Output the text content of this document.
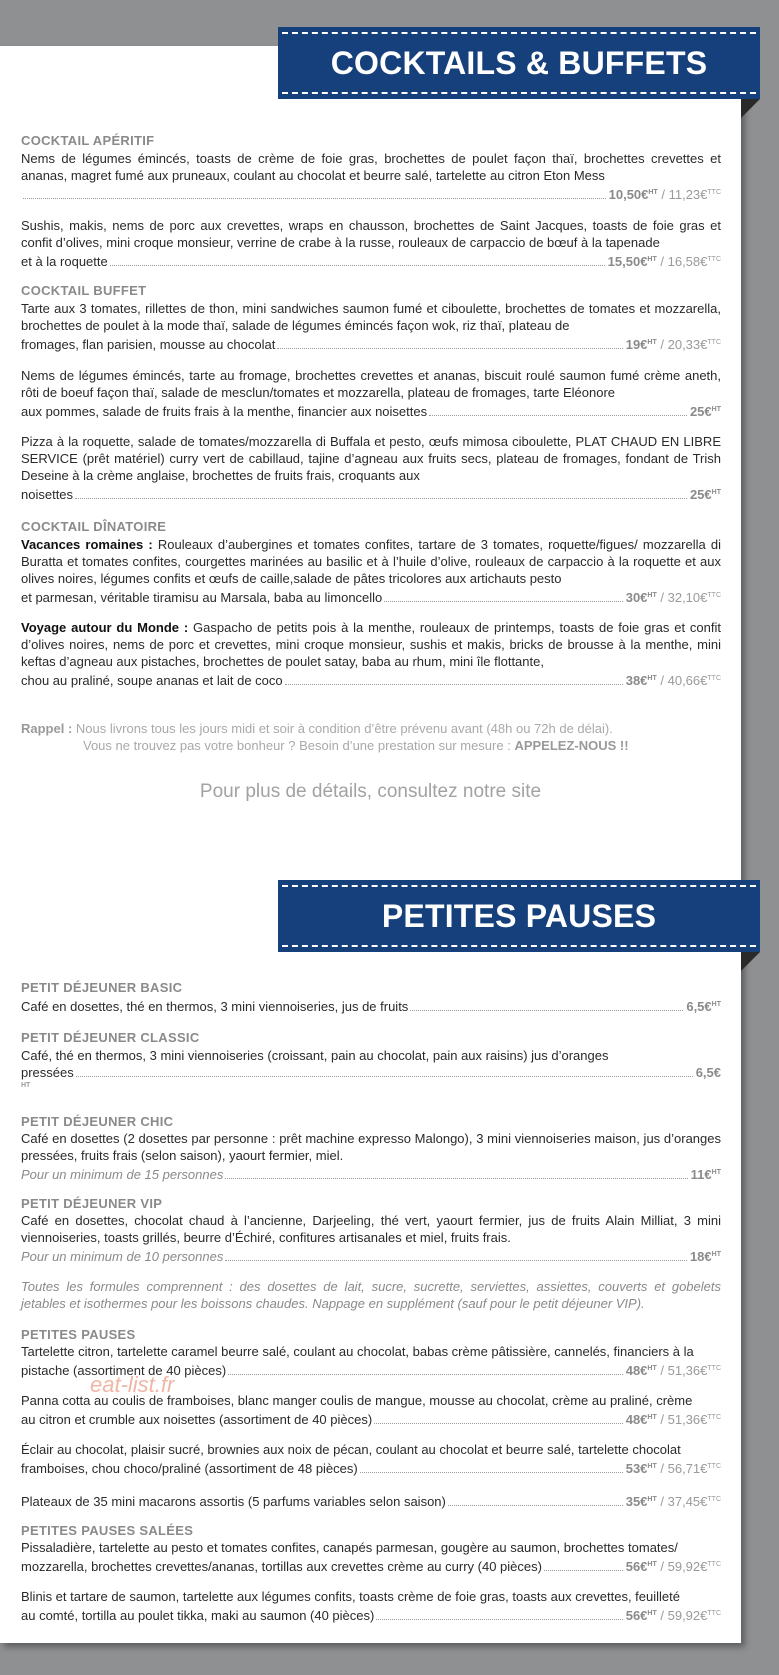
COCKTAILS & BUFFETS
COCKTAIL APÉRITIF
Nems de légumes émincés, toasts de crème de foie gras, brochettes de poulet façon thaï, brochettes crevettes et ananas, magret fumé aux pruneaux, coulant au chocolat et beurre salé, tartelette au citron Eton Mess
10,50€$^{HT}$ / 11,23€$^{TTC}$
Sushis, makis, nems de porc aux crevettes, wraps en chausson, brochettes de Saint Jacques, toasts de foie gras et confit d’olives, mini croque monsieur, verrine de crabe à la russe, rouleaux de carpaccio de bœuf à la tapenade
et à la roquette	15,50€$^{HT}$ / 16,58€$^{TTC}$
COCKTAIL BUFFET
Tarte aux 3 tomates, rillettes de thon, mini sandwiches saumon fumé et ciboulette, brochettes de tomates et mozzarella, brochettes de poulet à la mode thaï, salade de légumes émincés façon wok, riz thaï, plateau de
fromages, flan parisien, mousse au chocolat	19€$^{HT}$ / 20,33€$^{TTC}$
Nems de légumes émincés, tarte au fromage, brochettes crevettes et ananas, biscuit roulé saumon fumé crème aneth, rôti de boeuf façon thaï, salade de mesclun/tomates et mozzarella, plateau de fromages, tarte Eléonore
aux pommes, salade de fruits frais à la menthe, financier aux noisettes	25€$^{HT}$
Pizza à la roquette, salade de tomates/mozzarella di Buffala et pesto, œufs mimosa ciboulette, PLAT CHAUD EN LIBRE SERVICE (prêt matériel) curry vert de cabillaud, tajine d’agneau aux fruits secs, plateau de fromages, fondant de Trish Deseine à la crème anglaise, brochettes de fruits frais, croquants aux
noisettes	25€$^{HT}$
COCKTAIL DÎNATOIRE
Vacances romaines : Rouleaux d’aubergines et tomates confites, tartare de 3 tomates, roquette/figues/ mozzarella di Buratta et tomates confites, courgettes marinées au basilic et à l’huile d’olive, rouleaux de carpaccio à la roquette et aux olives noires, légumes confits et œufs de caille,salade de pâtes tricolores aux artichauts pesto
et parmesan, véritable tiramisu au Marsala, baba au limoncello	30€$^{HT}$ / 32,10€$^{TTC}$
Voyage autour du Monde : Gaspacho de petits pois à la menthe, rouleaux de printemps, toasts de foie gras et confit d’olives noires, nems de porc et crevettes, mini croque monsieur, sushis et makis, bricks de brousse à la menthe, mini keftas d’agneau aux pistaches, brochettes de poulet satay, baba au rhum, mini île flottante,
chou au praliné, soupe ananas et lait de coco	38€$^{HT}$ / 40,66€$^{TTC}$
Rappel : Nous livrons tous les jours midi et soir à condition d’être prévenu avant (48h ou 72h de délai).
Vous ne trouvez pas votre bonheur ? Besoin d’une prestation sur mesure : APPELEZ-NOUS !!
Pour plus de détails, consultez notre site
PETITES PAUSES
PETIT DÉJEUNER BASIC
Café en dosettes, thé en thermos, 3 mini viennoiseries, jus de fruits	6,5€$^{HT}$
PETIT DÉJEUNER CLASSIC
Café, thé en thermos, 3 mini viennoiseries (croissant, pain au chocolat, pain aux raisins) jus d’oranges
pressées	6,5€
HT
PETIT DÉJEUNER CHIC
Café en dosettes (2 dosettes par personne : prêt machine expresso Malongo), 3 mini viennoiseries maison, jus d’oranges pressées, fruits frais (selon saison), yaourt fermier, miel.
Pour un minimum de 15 personnes	11€$^{HT}$
PETIT DÉJEUNER VIP
Café en dosettes, chocolat chaud à l’ancienne, Darjeeling, thé vert, yaourt fermier, jus de fruits Alain Milliat, 3 mini viennoiseries, toasts grillés, beurre d’Échiré, confitures artisanales et miel, fruits frais.
Pour un minimum de 10 personnes	18€$^{HT}$
Toutes les formules comprennent : des dosettes de lait, sucre, sucrette, serviettes, assiettes, couverts et gobelets jetables et isothermes pour les boissons chaudes. Nappage en supplément (sauf pour le petit déjeuner VIP).
PETITES PAUSES
Tartelette citron, tartelette caramel beurre salé, coulant au chocolat, babas crème pâtissière, cannelés, financiers à la
pistache (assortiment de 40 pièces)	48€$^{HT}$ / 51,36€$^{TTC}$
Panna cotta au coulis de framboises, blanc manger coulis de mangue, mousse au chocolat, crème au praliné, crème
au citron et crumble aux noisettes (assortiment de 40 pièces)	48€$^{HT}$ / 51,36€$^{TTC}$
Éclair au chocolat, plaisir sucré, brownies aux noix de pécan, coulant au chocolat et beurre salé, tartelette chocolat
framboises, chou choco/praliné (assortiment de 48 pièces)	53€$^{HT}$ / 56,71€$^{TTC}$
Plateaux de 35 mini macarons assortis (5 parfums variables selon saison)	35€$^{HT}$ / 37,45€$^{TTC}$
PETITES PAUSES SALÉES
Pissaladière, tartelette au pesto et tomates confites, canapés parmesan, gougère au saumon, brochettes tomates/
mozzarella, brochettes crevettes/ananas, tortillas aux crevettes crème au curry (40 pièces)	56€$^{HT}$ / 59,92€$^{TTC}$
Blinis et tartare de saumon, tartelette aux légumes confits, toasts crème de foie gras, toasts aux crevettes, feuilleté
au comté, tortilla au poulet tikka, maki au saumon (40 pièces)	56€$^{HT}$ / 59,92€$^{TTC}$
eat-list.fr
